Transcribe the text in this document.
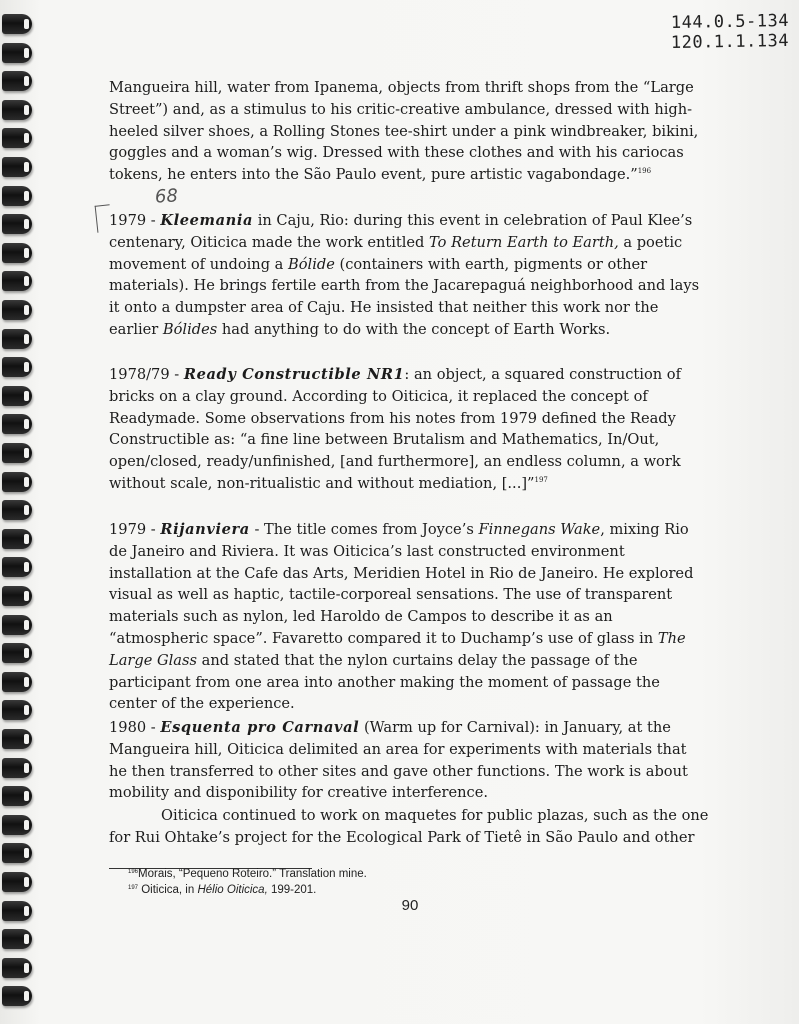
144.0.5-134
120.1.1.134
68

Mangueira hill, water from Ipanema, objects from thrift shops from the “Large Street”) and, as a stimulus to his critic-creative ambulance, dressed with high-heeled silver shoes, a Rolling Stones tee-shirt under a pink windbreaker, bikini, goggles and a woman’s wig. Dressed with these clothes and with his cariocas tokens, he enters into the São Paulo event, pure artistic vagabondage.”$^{196}$

1979 - Kleemania in Caju, Rio: during this event in celebration of Paul Klee’s centenary, Oiticica made the work entitled To Return Earth to Earth, a poetic movement of undoing a Bólide (containers with earth, pigments or other materials). He brings fertile earth from the Jacarepaguá neighborhood and lays it onto a dumpster area of Caju. He insisted that neither this work nor the earlier Bólides had anything to do with the concept of Earth Works.

1978/79 - Ready Constructible NR1: an object, a squared construction of bricks on a clay ground. According to Oiticica, it replaced the concept of Readymade. Some observations from his notes from 1979 defined the Ready Constructible as: “a fine line between Brutalism and Mathematics, In/Out, open/closed, ready/unfinished, [and furthermore], an endless column, a work without scale, non-ritualistic and without mediation, [...]”$^{197}$

1979 - Rijanviera - The title comes from Joyce’s Finnegans Wake, mixing Rio de Janeiro and Riviera. It was Oiticica’s last constructed environment installation at the Cafe das Arts, Meridien Hotel in Rio de Janeiro. He explored visual as well as haptic, tactile-corporeal sensations. The use of transparent materials such as nylon, led Haroldo de Campos to describe it as an “atmospheric space”. Favaretto compared it to Duchamp’s use of glass in The Large Glass and stated that the nylon curtains delay the passage of the participant from one area into another making the moment of passage the center of the experience.

1980 - Esquenta pro Carnaval (Warm up for Carnival): in January, at the Mangueira hill, Oiticica delimited an area for experiments with materials that he then transferred to other sites and gave other functions. The work is about mobility and disponibility for creative interference.

Oiticica continued to work on maquetes for public plazas, such as the one for Rui Ohtake’s project for the Ecological Park of Tietê in São Paulo and other

$^{196}$Morais, “Pequeno Roteiro.” Translation mine.
$^{197}$ Oiticica, in Hélio Oiticica, 199-201.
90
